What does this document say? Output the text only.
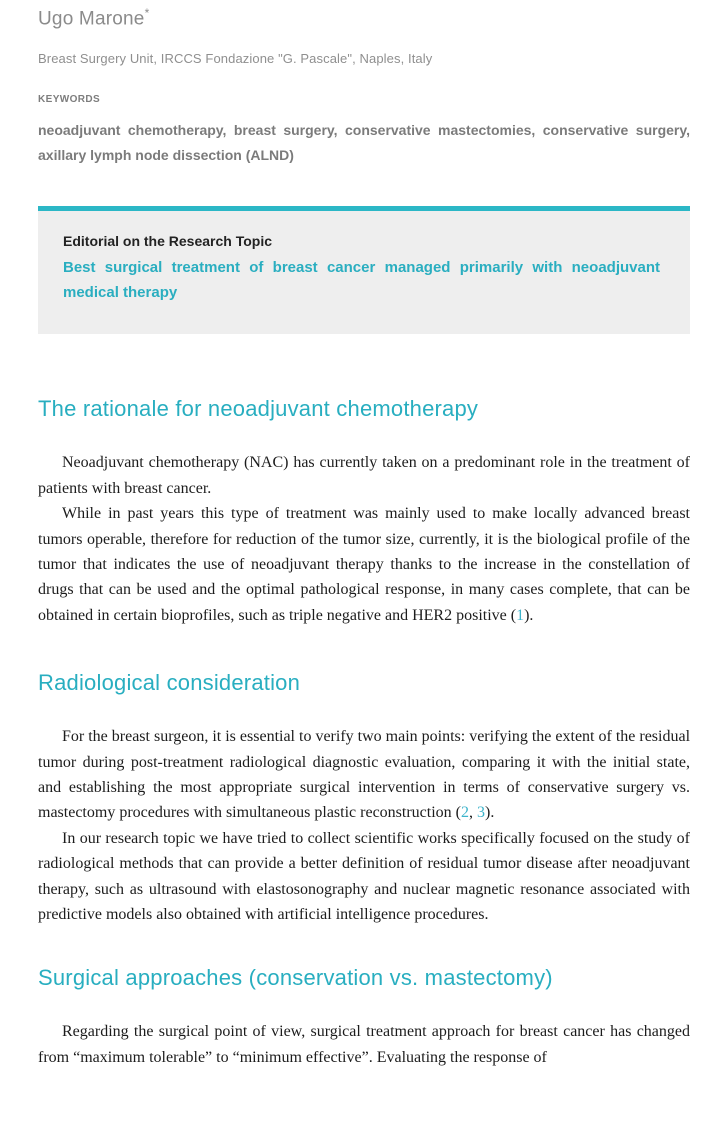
Ugo Marone*

Breast Surgery Unit, IRCCS Fondazione "G. Pascale", Naples, Italy

KEYWORDS

neoadjuvant chemotherapy, breast surgery, conservative mastectomies, conservative surgery, axillary lymph node dissection (ALND)

Editorial on the Research Topic
Best surgical treatment of breast cancer managed primarily with neoadjuvant medical therapy
The rationale for neoadjuvant chemotherapy

Neoadjuvant chemotherapy (NAC) has currently taken on a predominant role in the treatment of patients with breast cancer.

While in past years this type of treatment was mainly used to make locally advanced breast tumors operable, therefore for reduction of the tumor size, currently, it is the biological profile of the tumor that indicates the use of neoadjuvant therapy thanks to the increase in the constellation of drugs that can be used and the optimal pathological response, in many cases complete, that can be obtained in certain bioprofiles, such as triple negative and HER2 positive (1).

Radiological consideration

For the breast surgeon, it is essential to verify two main points: verifying the extent of the residual tumor during post-treatment radiological diagnostic evaluation, comparing it with the initial state, and establishing the most appropriate surgical intervention in terms of conservative surgery vs. mastectomy procedures with simultaneous plastic reconstruction (2, 3).

In our research topic we have tried to collect scientific works specifically focused on the study of radiological methods that can provide a better definition of residual tumor disease after neoadjuvant therapy, such as ultrasound with elastosonography and nuclear magnetic resonance associated with predictive models also obtained with artificial intelligence procedures.

Surgical approaches (conservation vs. mastectomy)

Regarding the surgical point of view, surgical treatment approach for breast cancer has changed from “maximum tolerable” to “minimum effective”. Evaluating the response of
